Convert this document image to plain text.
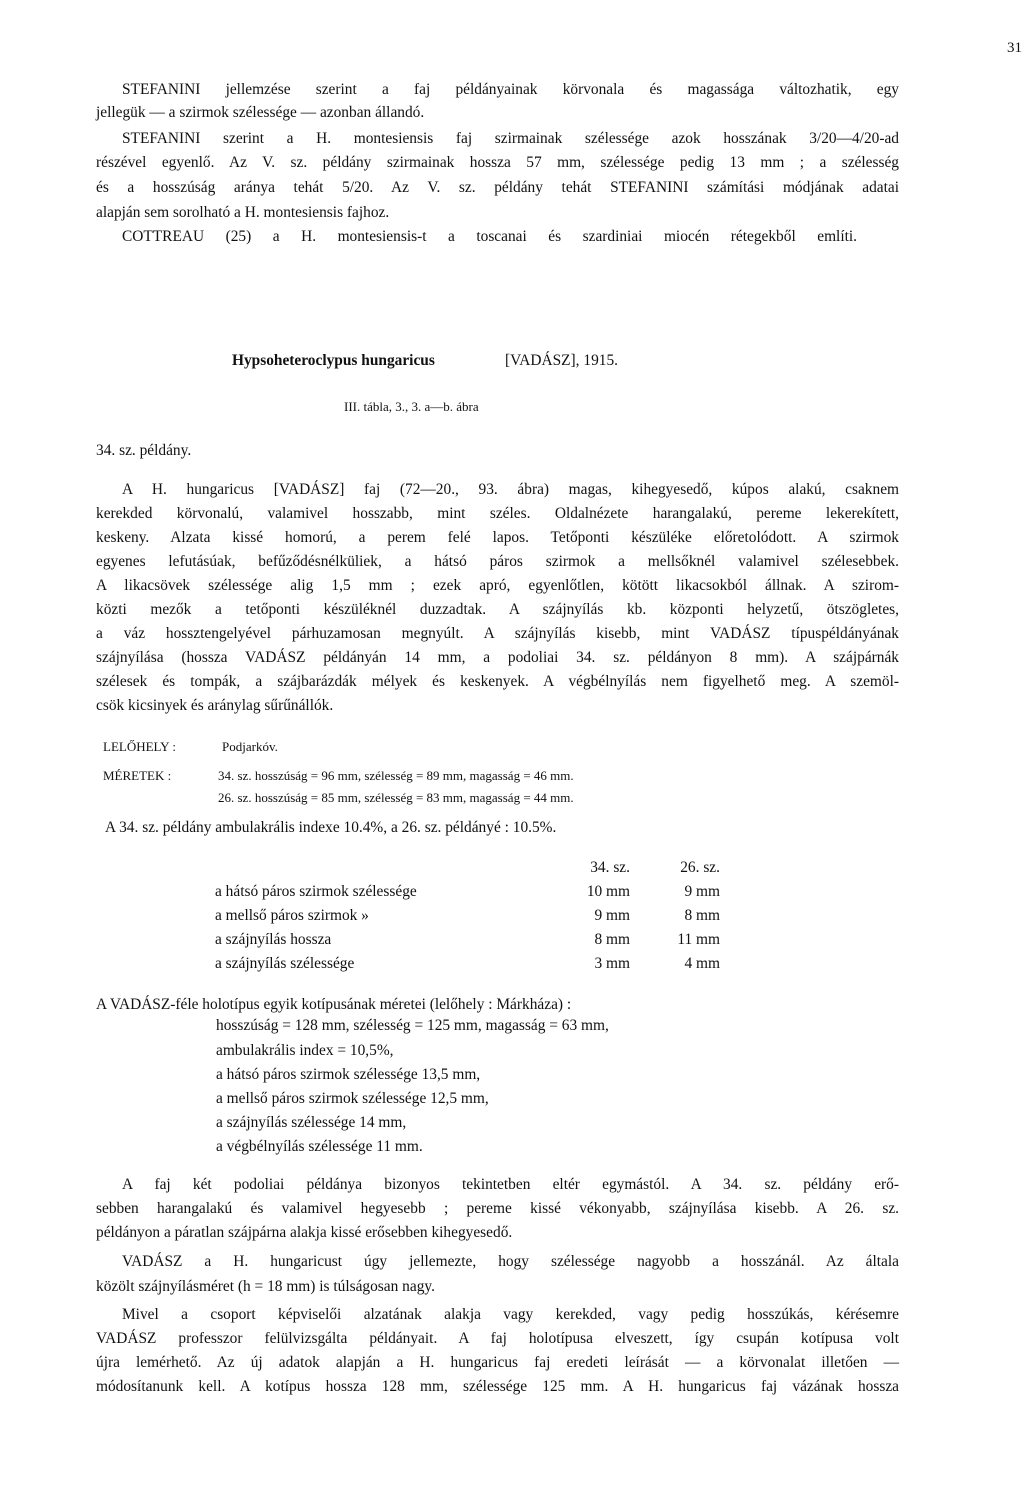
31
STEFANINI jellemzése szerint a faj példányainak körvonala és magassága változhatik, egy
jellegük — a szirmok szélessége — azonban állandó.
STEFANINI szerint a H. montesiensis faj szirmainak szélessége azok hosszának 3/20—4/20-ad
részével egyenlő. Az V. sz. példány szirmainak hossza 57 mm, szélessége pedig 13 mm ; a szélesség
és a hosszúság aránya tehát 5/20. Az V. sz. példány tehát STEFANINI számítási módjának adatai
alapján sem sorolható a H. montesiensis fajhoz.
COTTREAU (25) a H. montesiensis-t a toscanai és szardiniai miocén rétegekből említi.
Hypsoheteroclypus hungaricus	[VADÁSZ], 1915.
III. tábla, 3., 3. a—b. ábra
34. sz. példány.
A H. hungaricus [VADÁSZ] faj (72—20., 93. ábra) magas, kihegyesedő, kúpos alakú, csaknem
kerekded körvonalú, valamivel hosszabb, mint széles. Oldalnézete harangalakú, pereme lekerekített,
keskeny. Alzata kissé homorú, a perem felé lapos. Tetőponti készüléke előretolódott. A szirmok
egyenes lefutásúak, befűződésnélküliek, a hátsó páros szirmok a mellsőknél valamivel szélesebbek.
A likacsövek szélessége alig 1,5 mm ; ezek apró, egyenlőtlen, kötött likacsokból állnak. A szirom-
közti mezők a tetőponti készüléknél duzzadtak. A szájnyílás kb. központi helyzetű, ötszögletes,
a váz hossztengelyével párhuzamosan megnyúlt. A szájnyílás kisebb, mint VADÁSZ típuspéldányának
szájnyílása (hossza VADÁSZ példányán 14 mm, a podoliai 34. sz. példányon 8 mm). A szájpárnák
szélesek és tompák, a szájbarázdák mélyek és keskenyek. A végbélnyílás nem figyelhető meg. A szemöl-
csök kicsinyek és aránylag sűrűnállók.
LELŐHELY :	Podjarkóv.
MÉRETEK :	34. sz. hosszúság = 96 mm, szélesség = 89 mm, magasság = 46 mm.
26. sz. hosszúság = 85 mm, szélesség = 83 mm, magasság = 44 mm.
A 34. sz. példány ambulakrális indexe 10.4%, a 26. sz. példányé : 10.5%.
	34. sz.	26. sz.
a hátsó páros szirmok szélessége	10 mm	9 mm
a mellső páros szirmok »	9 mm	8 mm
a szájnyílás hossza	8 mm	11 mm
a szájnyílás szélessége	3 mm	4 mm
A VADÁSZ-féle holotípus egyik kotípusának méretei (lelőhely : Márkháza) :
hosszúság = 128 mm, szélesség = 125 mm, magasság = 63 mm,
ambulakrális index = 10,5%,
a hátsó páros szirmok szélessége 13,5 mm,
a mellső páros szirmok szélessége 12,5 mm,
a szájnyílás szélessége 14 mm,
a végbélnyílás szélessége 11 mm.
A faj két podoliai példánya bizonyos tekintetben eltér egymástól. A 34. sz. példány erő-
sebben harangalakú és valamivel hegyesebb ; pereme kissé vékonyabb, szájnyílása kisebb. A 26. sz.
példányon a páratlan szájpárna alakja kissé erősebben kihegyesedő.
VADÁSZ a H. hungaricust úgy jellemezte, hogy szélessége nagyobb a hosszánál. Az általa
közölt szájnyílásméret (h = 18 mm) is túlságosan nagy.
Mivel a csoport képviselői alzatának alakja vagy kerekded, vagy pedig hosszúkás, kérésemre
VADÁSZ professzor felülvizsgálta példányait. A faj holotípusa elveszett, így csupán kotípusa volt
újra lemérhető. Az új adatok alapján a H. hungaricus faj eredeti leírását — a körvonalat illetően —
módosítanunk kell. A kotípus hossza 128 mm, szélessége 125 mm. A H. hungaricus faj vázának hossza
